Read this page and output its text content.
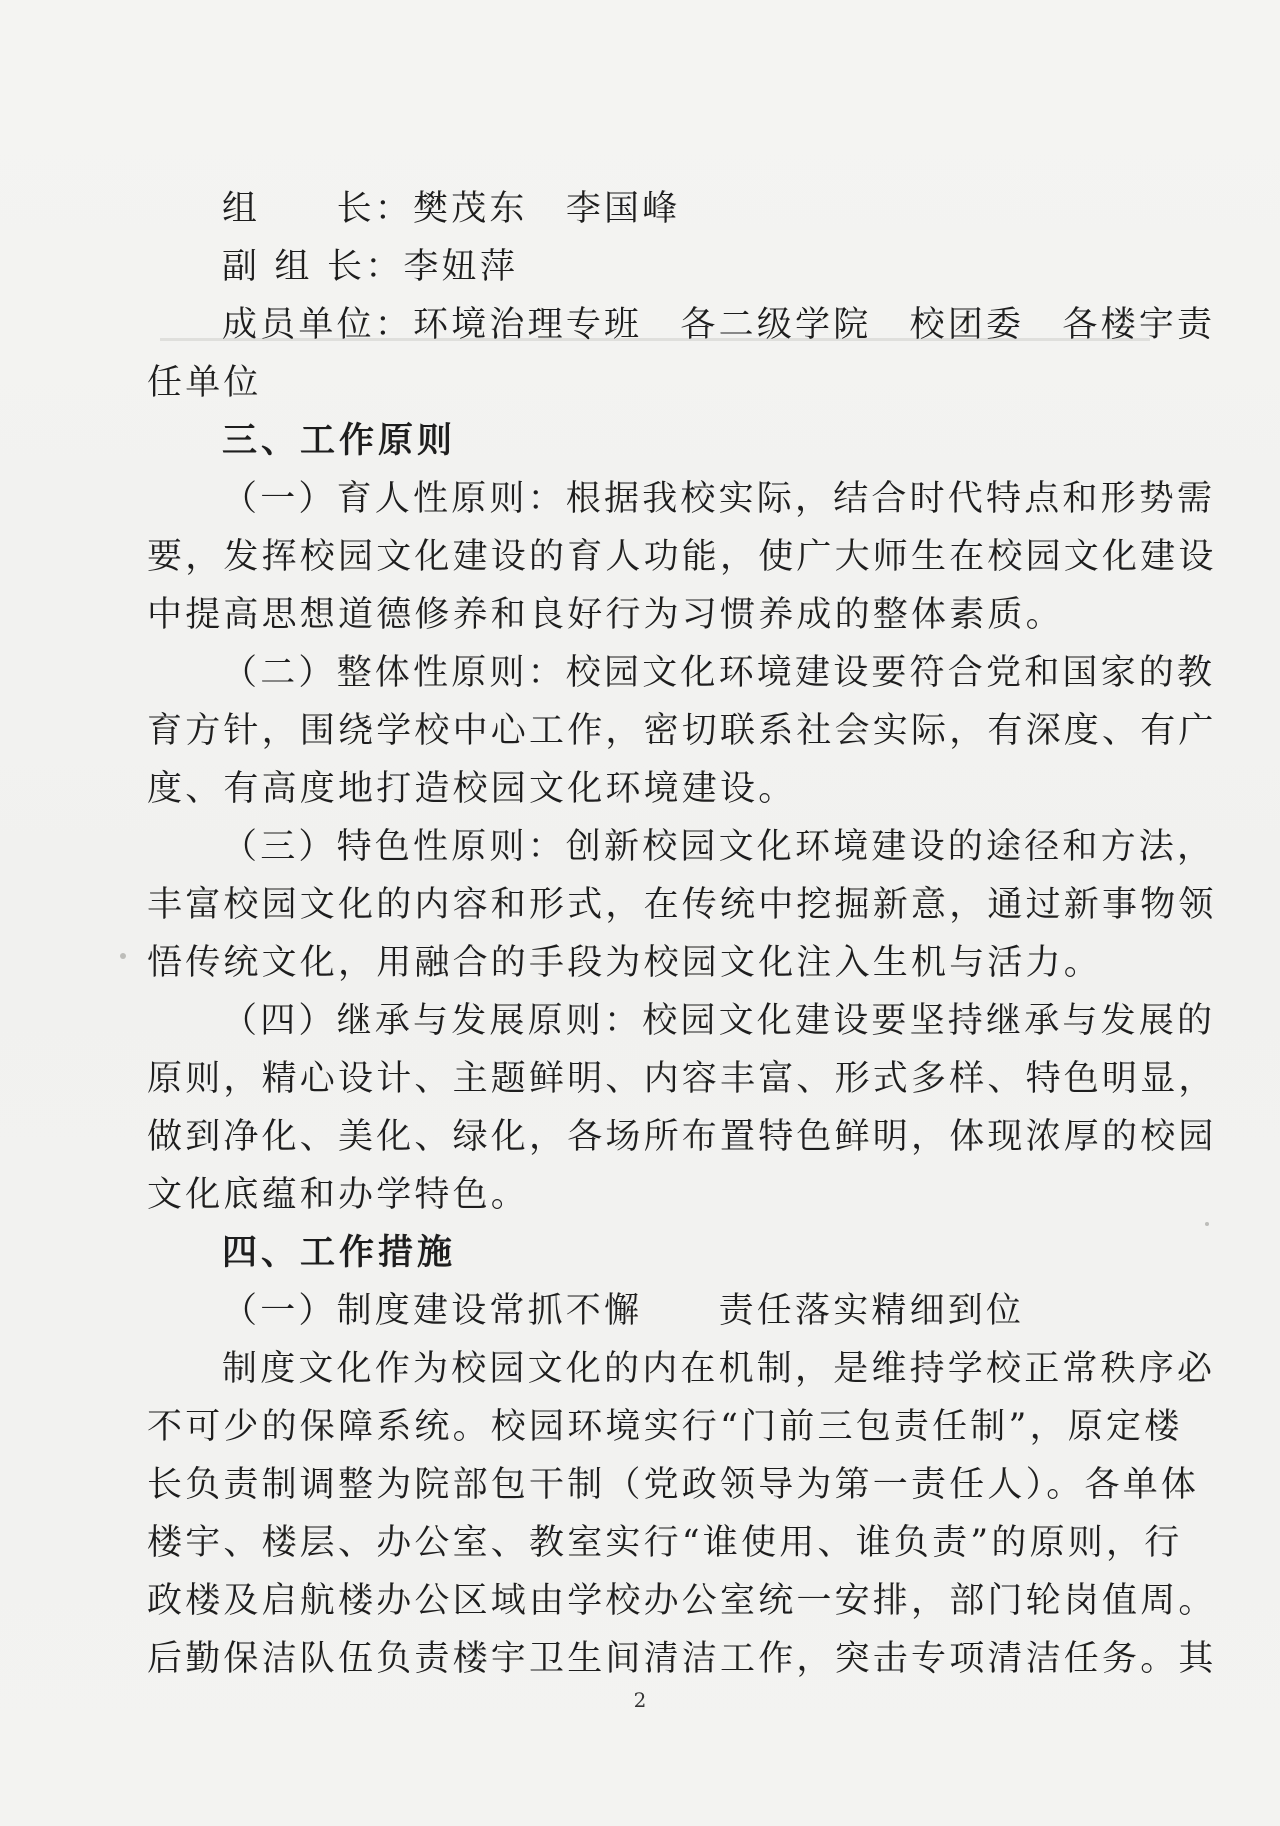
组　　长：樊茂东　李国峰
副 组 长：李妞萍
成员单位：环境治理专班　各二级学院　校团委　各楼宇责
任单位
三、工作原则
（一）育人性原则：根据我校实际，结合时代特点和形势需
要，发挥校园文化建设的育人功能，使广大师生在校园文化建设
中提高思想道德修养和良好行为习惯养成的整体素质。
（二）整体性原则：校园文化环境建设要符合党和国家的教
育方针，围绕学校中心工作，密切联系社会实际，有深度、有广
度、有高度地打造校园文化环境建设。
（三）特色性原则：创新校园文化环境建设的途径和方法，
丰富校园文化的内容和形式，在传统中挖掘新意，通过新事物领
悟传统文化，用融合的手段为校园文化注入生机与活力。
（四）继承与发展原则：校园文化建设要坚持继承与发展的
原则，精心设计、主题鲜明、内容丰富、形式多样、特色明显，
做到净化、美化、绿化，各场所布置特色鲜明，体现浓厚的校园
文化底蕴和办学特色。
四、工作措施
（一）制度建设常抓不懈　　责任落实精细到位
制度文化作为校园文化的内在机制，是维持学校正常秩序必
不可少的保障系统。校园环境实行“门前三包责任制”，原定楼
长负责制调整为院部包干制（党政领导为第一责任人）。各单体
楼宇、楼层、办公室、教室实行“谁使用、谁负责”的原则，行
政楼及启航楼办公区域由学校办公室统一安排，部门轮岗值周。
后勤保洁队伍负责楼宇卫生间清洁工作，突击专项清洁任务。其
2
